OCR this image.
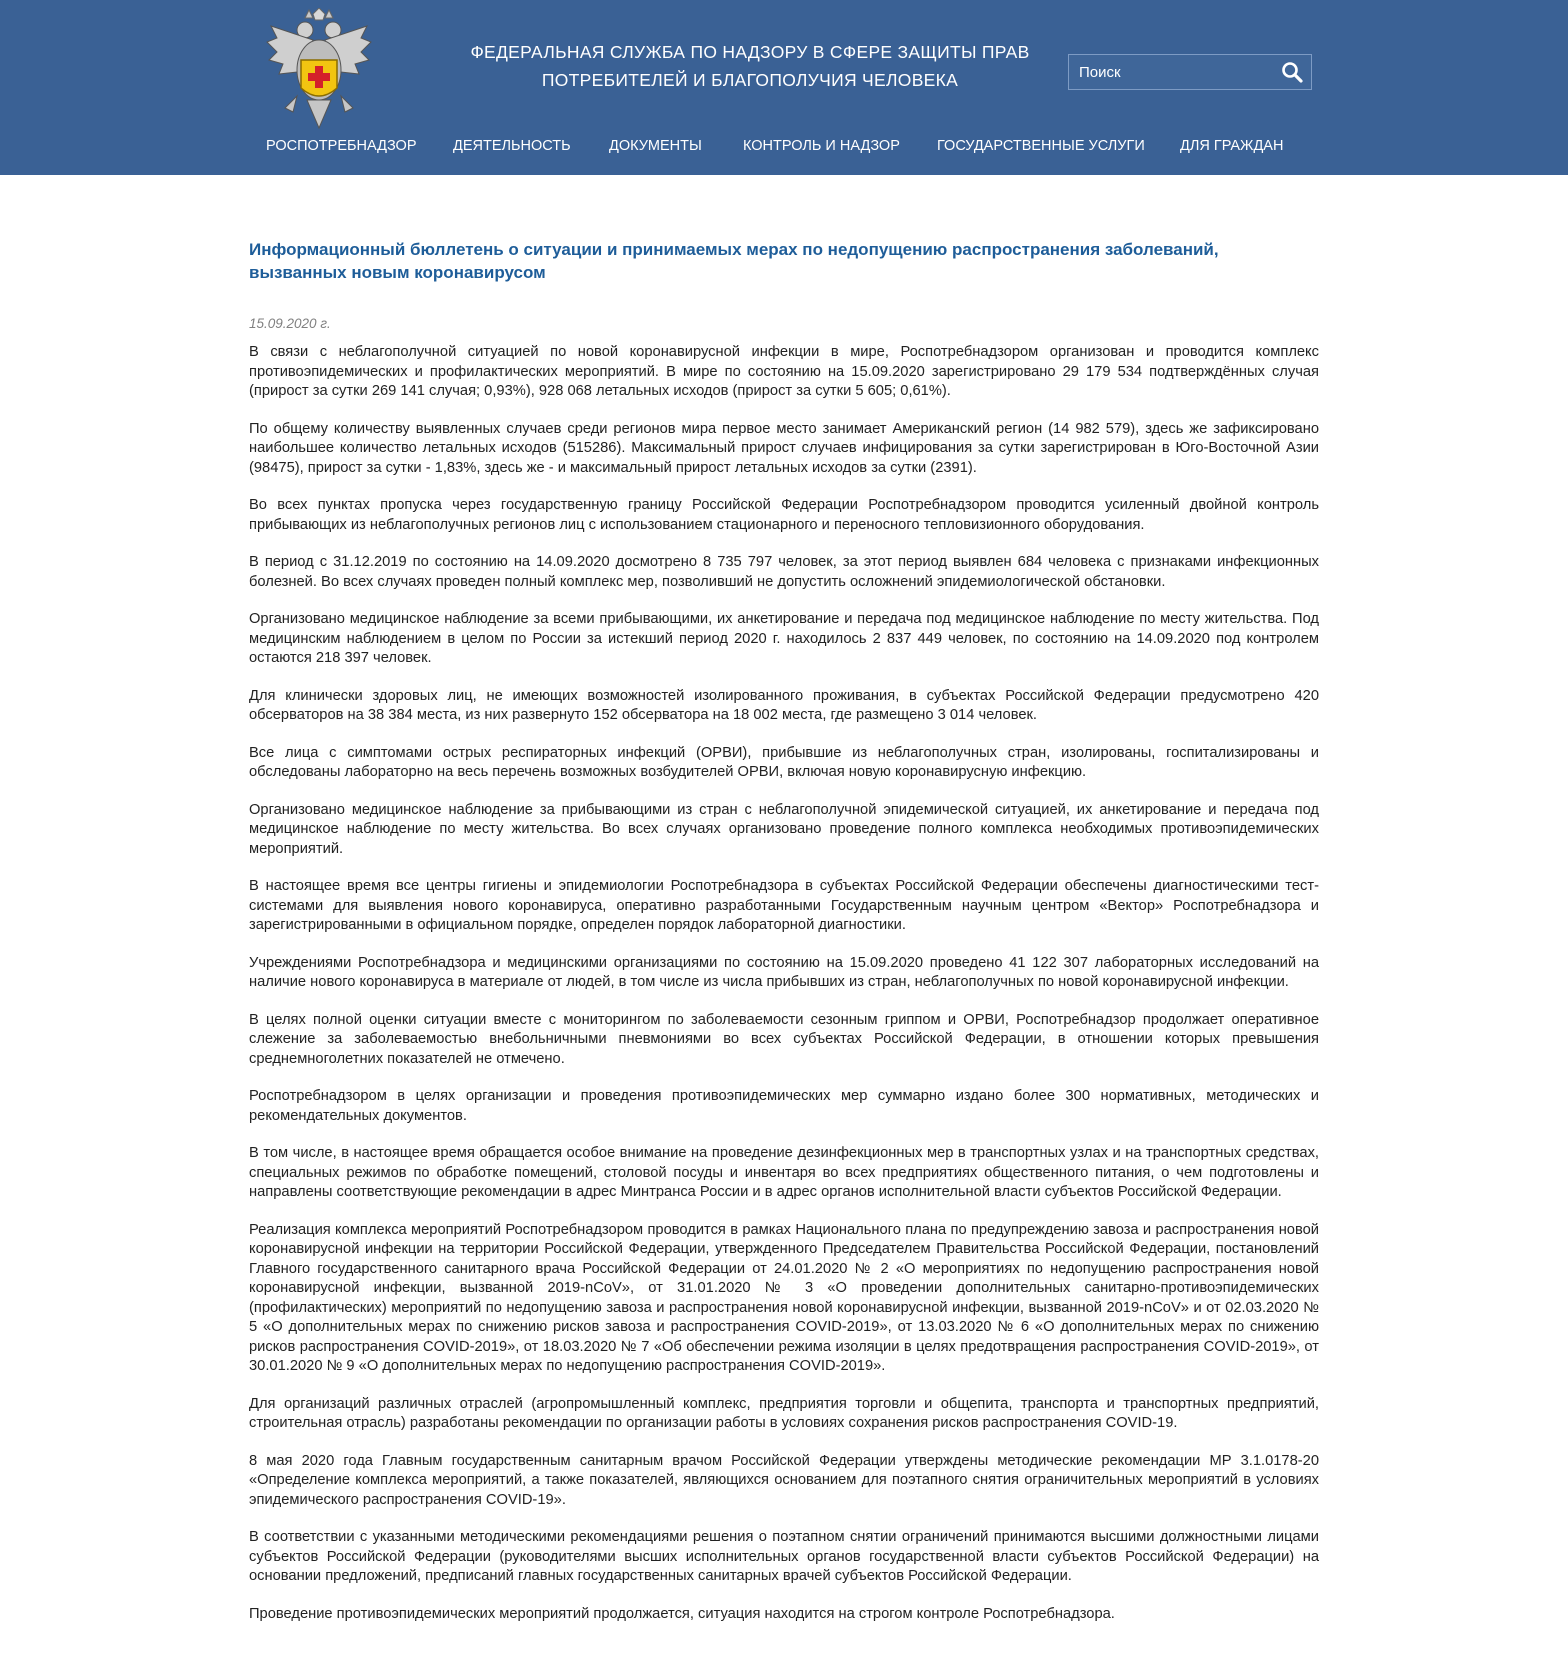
ФЕДЕРАЛЬНАЯ СЛУЖБА ПО НАДЗОРУ В СФЕРЕ ЗАЩИТЫ ПРАВ
ПОТРЕБИТЕЛЕЙ И БЛАГОПОЛУЧИЯ ЧЕЛОВЕКА
Поиск
РОСПОТРЕБНАДЗОР	ДЕЯТЕЛЬНОСТЬ	ДОКУМЕНТЫ	КОНТРОЛЬ И НАДЗОР	ГОСУДАРСТВЕННЫЕ УСЛУГИ ДЛЯ ГРАЖДАН
Информационный бюллетень о ситуации и принимаемых мерах по недопущению распространения заболеваний, вызванных новым коронавирусом
15.09.2020 г.

В связи с неблагополучной ситуацией по новой коронавирусной инфекции в мире, Роспотребнадзором организован и проводится комплекс противоэпидемических и профилактических мероприятий. В мире по состоянию на 15.09.2020 зарегистрировано 29 179 534 подтверждённых случая (прирост за сутки 269 141 случая; 0,93%), 928 068 летальных исходов (прирост за сутки 5 605; 0,61%).

По общему количеству выявленных случаев среди регионов мира первое место занимает Американский регион (14 982 579), здесь же зафиксировано наибольшее количество летальных исходов (515286). Максимальный прирост случаев инфицирования за сутки зарегистрирован в Юго-Восточной Азии (98475), прирост за сутки - 1,83%, здесь же - и максимальный прирост летальных исходов за сутки (2391).

Во всех пунктах пропуска через государственную границу Российской Федерации Роспотребнадзором проводится усиленный двойной контроль прибывающих из неблагополучных регионов лиц с использованием стационарного и переносного тепловизионного оборудования.

В период с 31.12.2019 по состоянию на 14.09.2020 досмотрено 8 735 797 человек, за этот период выявлен 684 человека с признаками инфекционных болезней. Во всех случаях проведен полный комплекс мер, позволивший не допустить осложнений эпидемиологической обстановки.

Организовано медицинское наблюдение за всеми прибывающими, их анкетирование и передача под медицинское наблюдение по месту жительства. Под медицинским наблюдением в целом по России за истекший период 2020 г. находилось 2 837 449 человек, по состоянию на 14.09.2020 под контролем остаются 218 397 человек.

Для клинически здоровых лиц, не имеющих возможностей изолированного проживания, в субъектах Российской Федерации предусмотрено 420 обсерваторов на 38 384 места, из них развернуто 152 обсерватора на 18 002 места, где размещено 3 014 человек.

Все лица с симптомами острых респираторных инфекций (ОРВИ), прибывшие из неблагополучных стран, изолированы, госпитализированы и обследованы лабораторно на весь перечень возможных возбудителей ОРВИ, включая новую коронавирусную инфекцию.

Организовано медицинское наблюдение за прибывающими из стран с неблагополучной эпидемической ситуацией, их анкетирование и передача под медицинское наблюдение по месту жительства. Во всех случаях организовано проведение полного комплекса необходимых противоэпидемических мероприятий.

В настоящее время все центры гигиены и эпидемиологии Роспотребнадзора в субъектах Российской Федерации обеспечены диагностическими тест-системами для выявления нового коронавируса, оперативно разработанными Государственным научным центром «Вектор» Роспотребнадзора и зарегистрированными в официальном порядке, определен порядок лабораторной диагностики.

Учреждениями Роспотребнадзора и медицинскими организациями по состоянию на 15.09.2020 проведено 41 122 307 лабораторных исследований на наличие нового коронавируса в материале от людей, в том числе из числа прибывших из стран, неблагополучных по новой коронавирусной инфекции.

В целях полной оценки ситуации вместе с мониторингом по заболеваемости сезонным гриппом и ОРВИ, Роспотребнадзор продолжает оперативное слежение за заболеваемостью внебольничными пневмониями во всех субъектах Российской Федерации, в отношении которых превышения среднемноголетних показателей не отмечено.

Роспотребнадзором в целях организации и проведения противоэпидемических мер суммарно издано более 300 нормативных, методических и рекомендательных документов.

В том числе, в настоящее время обращается особое внимание на проведение дезинфекционных мер в транспортных узлах и на транспортных средствах, специальных режимов по обработке помещений, столовой посуды и инвентаря во всех предприятиях общественного питания, о чем подготовлены и направлены соответствующие рекомендации в адрес Минтранса России и в адрес органов исполнительной власти субъектов Российской Федерации.

Реализация комплекса мероприятий Роспотребнадзором проводится в рамках Национального плана по предупреждению завоза и распространения новой коронавирусной инфекции на территории Российской Федерации, утвержденного Председателем Правительства Российской Федерации, постановлений Главного государственного санитарного врача Российской Федерации от 24.01.2020 № 2 «О мероприятиях по недопущению распространения новой коронавирусной инфекции, вызванной 2019-nCoV», от 31.01.2020 № 3 «О проведении дополнительных санитарно-противоэпидемических (профилактических) мероприятий по недопущению завоза и распространения новой коронавирусной инфекции, вызванной 2019-nCoV» и от 02.03.2020 № 5 «О дополнительных мерах по снижению рисков завоза и распространения COVID-2019», от 13.03.2020 № 6 «О дополнительных мерах по снижению рисков распространения COVID-2019», от 18.03.2020 № 7 «Об обеспечении режима изоляции в целях предотвращения распространения COVID-2019», от 30.01.2020 № 9 «О дополнительных мерах по недопущению распространения COVID-2019».

Для организаций различных отраслей (агропромышленный комплекс, предприятия торговли и общепита, транспорта и транспортных предприятий, строительная отрасль) разработаны рекомендации по организации работы в условиях сохранения рисков распространения COVID-19.

8 мая 2020 года Главным государственным санитарным врачом Российской Федерации утверждены методические рекомендации МР 3.1.0178-20 «Определение комплекса мероприятий, а также показателей, являющихся основанием для поэтапного снятия ограничительных мероприятий в условиях эпидемического распространения COVID-19».

В соответствии с указанными методическими рекомендациями решения о поэтапном снятии ограничений принимаются высшими должностными лицами субъектов Российской Федерации (руководителями высших исполнительных органов государственной власти субъектов Российской Федерации) на основании предложений, предписаний главных государственных санитарных врачей субъектов Российской Федерации.

Проведение противоэпидемических мероприятий продолжается, ситуация находится на строгом контроле Роспотребнадзора.
